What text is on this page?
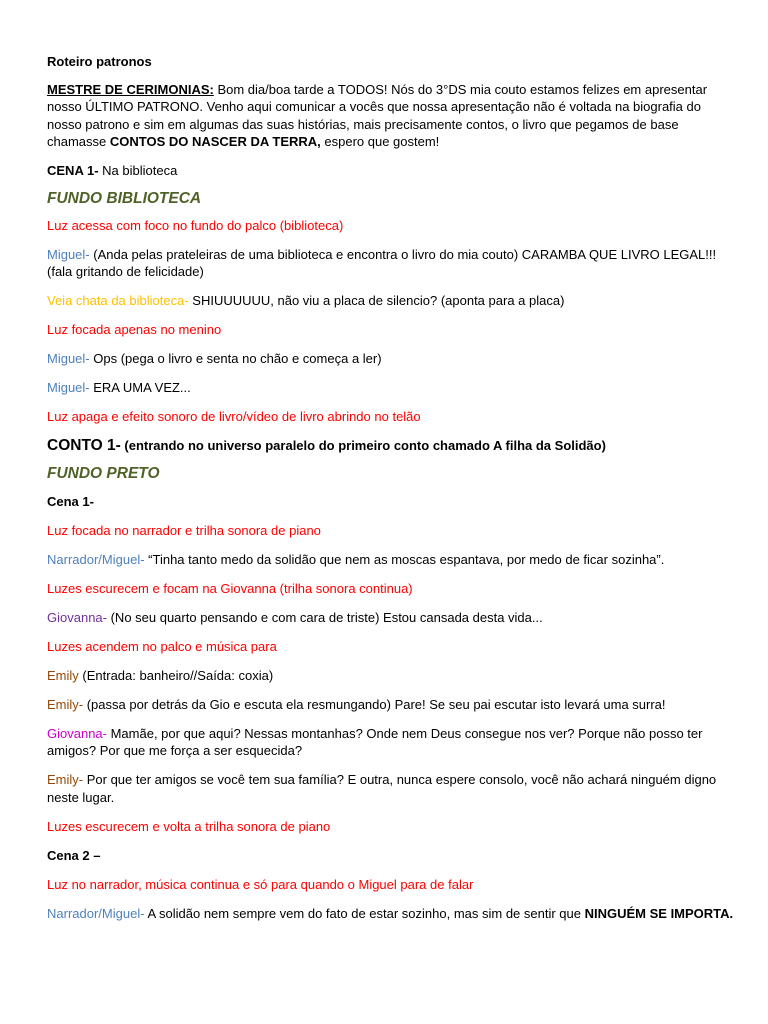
Roteiro patronos

MESTRE DE CERIMONIAS: Bom dia/boa tarde a TODOS! Nós do 3°DS mia couto estamos felizes em apresentar nosso ÚLTIMO PATRONO. Venho aqui comunicar a vocês que nossa apresentação não é voltada na biografia do nosso patrono e sim em algumas das suas histórias, mais precisamente contos, o livro que pegamos de base chamasse CONTOS DO NASCER DA TERRA, espero que gostem!

CENA 1- Na biblioteca

FUNDO BIBLIOTECA

Luz acessa com foco no fundo do palco (biblioteca)

Miguel- (Anda pelas prateleiras de uma biblioteca e encontra o livro do mia couto) CARAMBA QUE LIVRO LEGAL!!!(fala gritando de felicidade)

Veia chata da biblioteca- SHIUUUUUU, não viu a placa de silencio? (aponta para a placa)

Luz focada apenas no menino

Miguel- Ops (pega o livro e senta no chão e começa a ler)

Miguel- ERA UMA VEZ...

Luz apaga e efeito sonoro de livro/vídeo de livro abrindo no telão

CONTO 1- (entrando no universo paralelo do primeiro conto chamado A filha da Solidão)

FUNDO PRETO

Cena 1-

Luz focada no narrador e trilha sonora de piano

Narrador/Miguel- “Tinha tanto medo da solidão que nem as moscas espantava, por medo de ficar sozinha”.

Luzes escurecem e focam na Giovanna (trilha sonora continua)

Giovanna- (No seu quarto pensando e com cara de triste) Estou cansada desta vida...

Luzes acendem no palco e música para

Emily (Entrada: banheiro//Saída: coxia)

Emily- (passa por detrás da Gio e escuta ela resmungando) Pare! Se seu pai escutar isto levará uma surra!

Giovanna- Mamãe, por que aqui? Nessas montanhas? Onde nem Deus consegue nos ver? Porque não posso ter amigos? Por que me força a ser esquecida?

Emily- Por que ter amigos se você tem sua família? E outra, nunca espere consolo, você não achará ninguém digno neste lugar.

Luzes escurecem e volta a trilha sonora de piano

Cena 2 –

Luz no narrador, música continua e só para quando o Miguel para de falar

Narrador/Miguel- A solidão nem sempre vem do fato de estar sozinho, mas sim de sentir que NINGUÉM SE IMPORTA.
